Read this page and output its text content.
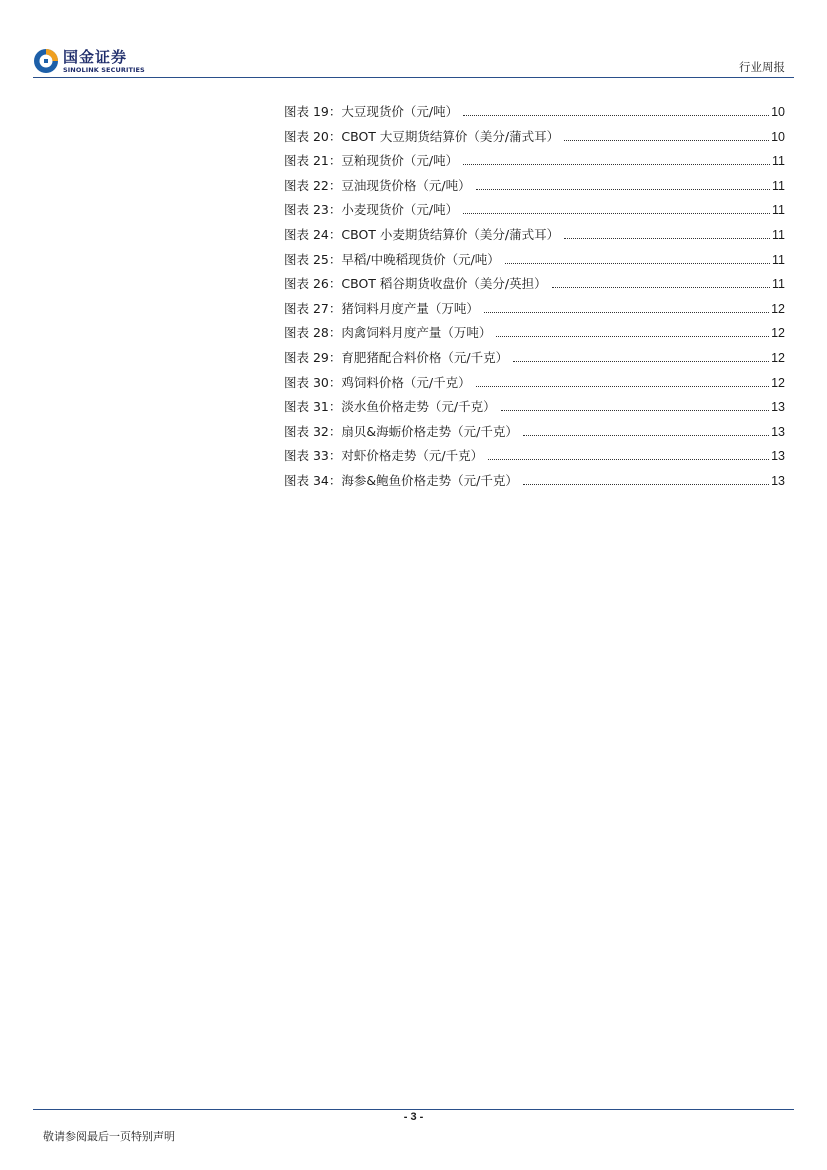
国金证券
SINOLINK SECURITIES	行业周报
图表 19：大豆现货价（元/吨）	10
图表 20：CBOT 大豆期货结算价（美分/蒲式耳）	10
图表 21：豆粕现货价（元/吨）	11
图表 22：豆油现货价格（元/吨）	11
图表 23：小麦现货价（元/吨）	11
图表 24：CBOT 小麦期货结算价（美分/蒲式耳）	11
图表 25：早稻/中晚稻现货价（元/吨）	11
图表 26：CBOT 稻谷期货收盘价（美分/英担）	11
图表 27：猪饲料月度产量（万吨）	12
图表 28：肉禽饲料月度产量（万吨）	12
图表 29：育肥猪配合料价格（元/千克）	12
图表 30：鸡饲料价格（元/千克）	12
图表 31：淡水鱼价格走势（元/千克）	13
图表 32：扇贝&海蛎价格走势（元/千克）	13
图表 33：对虾价格走势（元/千克）	13
图表 34：海参&鲍鱼价格走势（元/千克）	13
- 3 -
敬请参阅最后一页特别声明
